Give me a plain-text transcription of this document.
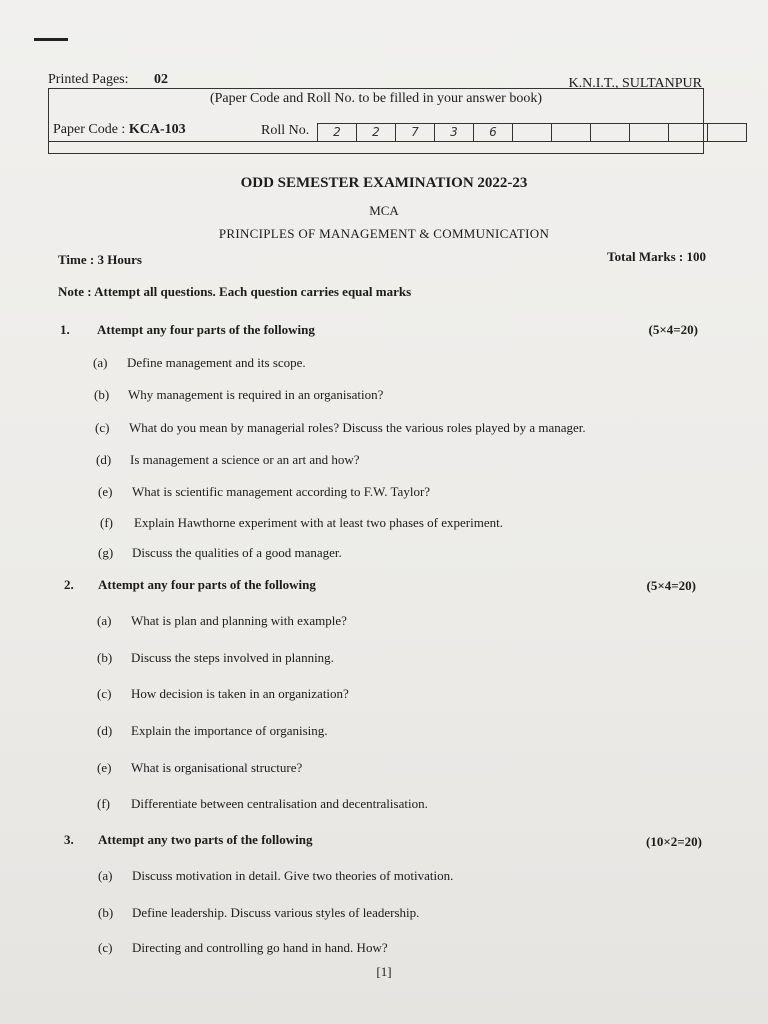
Printed Pages: 02	K.N.I.T., SULTANPUR
(Paper Code and Roll No. to be filled in your answer book)
Paper Code : KCA-103	Roll No.	2	2	7	3	6
ODD SEMESTER EXAMINATION 2022-23
MCA
PRINCIPLES OF MANAGEMENT & COMMUNICATION
Time : 3 Hours	Total Marks : 100
Note : Attempt all questions. Each question carries equal marks
1. Attempt any four parts of the following	(5×4=20)
(a) Define management and its scope.
(b) Why management is required in an organisation?
(c) What do you mean by managerial roles? Discuss the various roles played by a manager.
(d) Is management a science or an art and how?
(e) What is scientific management according to F.W. Taylor?
(f) Explain Hawthorne experiment with at least two phases of experiment.
(g) Discuss the qualities of a good manager.
2. Attempt any four parts of the following	(5×4=20)
(a) What is plan and planning with example?
(b) Discuss the steps involved in planning.
(c) How decision is taken in an organization?
(d) Explain the importance of organising.
(e) What is organisational structure?
(f) Differentiate between centralisation and decentralisation.
3. Attempt any two parts of the following	(10×2=20)
(a) Discuss motivation in detail. Give two theories of motivation.
(b) Define leadership. Discuss various styles of leadership.
(c) Directing and controlling go hand in hand. How?
[1]
